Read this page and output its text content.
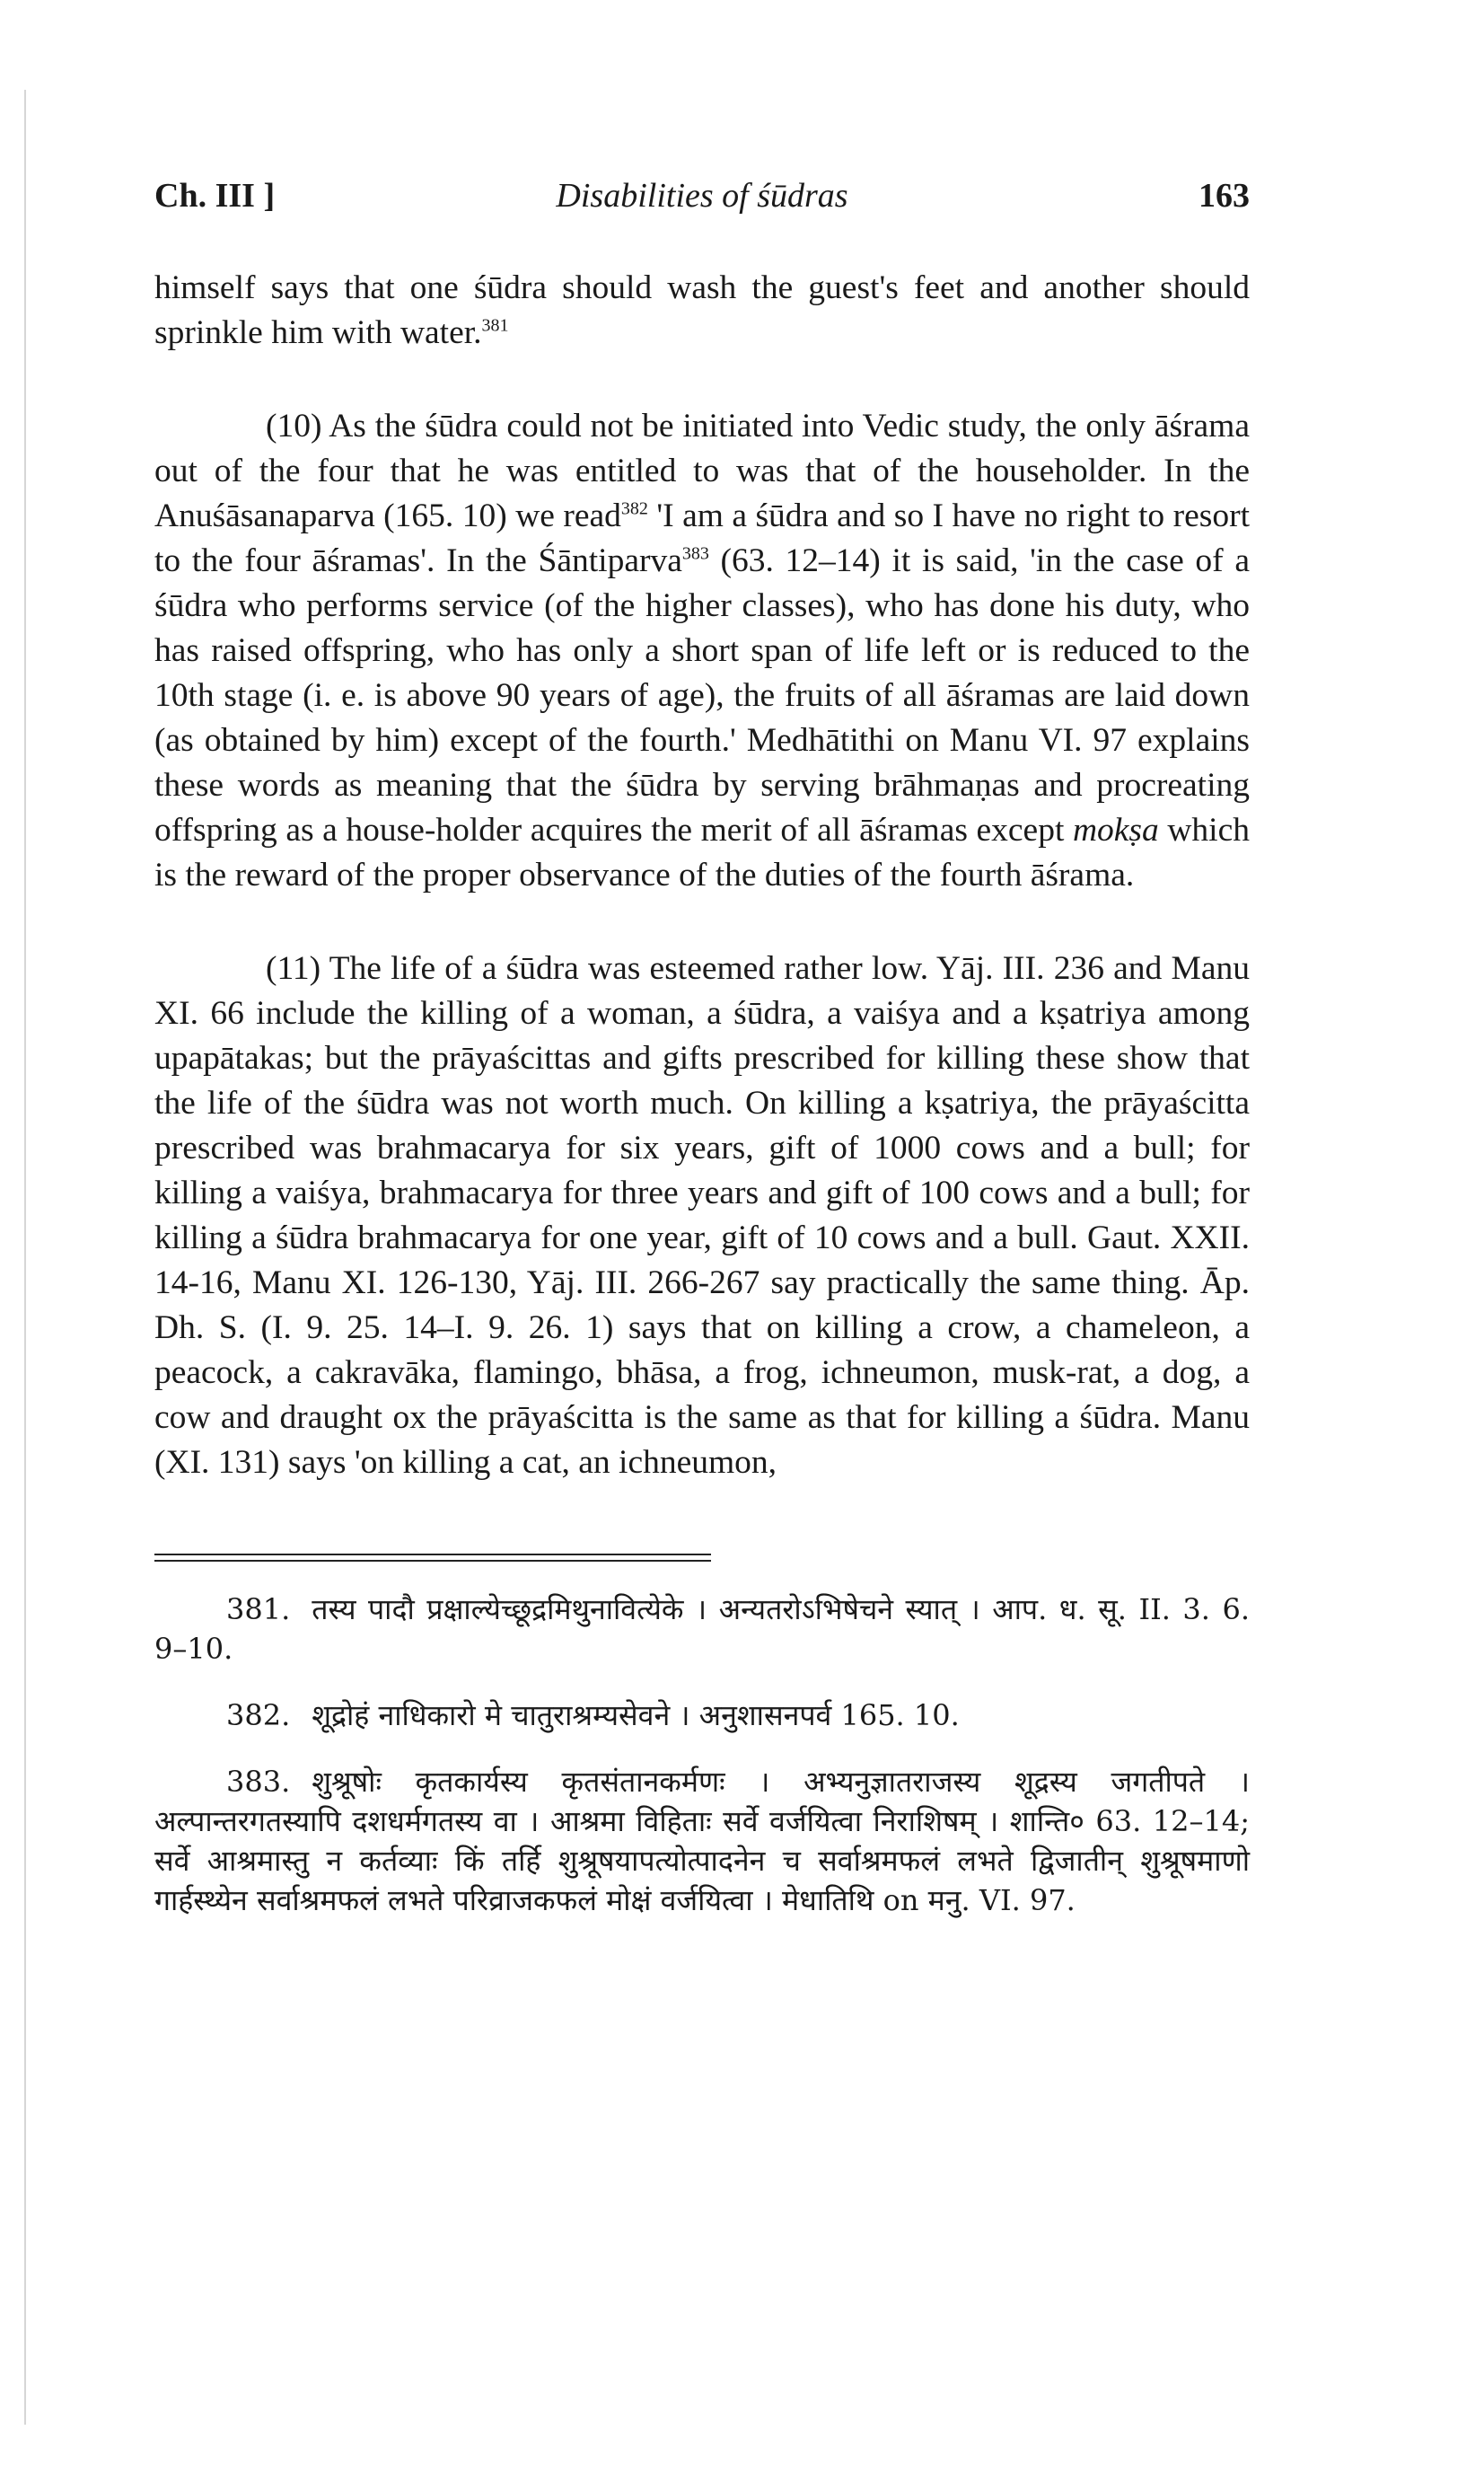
Ch. III ]	Disabilities of śūdras	163

himself says that one śūdra should wash the guest's feet and another should sprinkle him with water.$^{381}$

(10) As the śūdra could not be initiated into Vedic study, the only āśrama out of the four that he was entitled to was that of the householder. In the Anuśāsanaparva (165. 10) we read$^{382}$ 'I am a śūdra and so I have no right to resort to the four āśramas'. In the Śāntiparva$^{383}$ (63. 12–14) it is said, 'in the case of a śūdra who performs service (of the higher classes), who has done his duty, who has raised offspring, who has only a short span of life left or is reduced to the 10th stage (i. e. is above 90 years of age), the fruits of all āśramas are laid down (as obtained by him) except of the fourth.' Medhātithi on Manu VI. 97 explains these words as meaning that the śūdra by serving brāhmaṇas and procreating offspring as a house-holder acquires the merit of all āśramas except mokṣa which is the reward of the proper observance of the duties of the fourth āśrama.

(11) The life of a śūdra was esteemed rather low. Yāj. III. 236 and Manu XI. 66 include the killing of a woman, a śūdra, a vaiśya and a kṣatriya among upapātakas; but the prāyaścittas and gifts prescribed for killing these show that the life of the śūdra was not worth much. On killing a kṣatriya, the prāyaścitta prescribed was brahmacarya for six years, gift of 1000 cows and a bull; for killing a vaiśya, brahmacarya for three years and gift of 100 cows and a bull; for killing a śūdra brahmacarya for one year, gift of 10 cows and a bull. Gaut. XXII. 14-16, Manu XI. 126-130, Yāj. III. 266-267 say practically the same thing. Āp. Dh. S. (I. 9. 25. 14–I. 9. 26. 1) says that on killing a crow, a chameleon, a peacock, a cakravāka, flamingo, bhāsa, a frog, ichneumon, musk-rat, a dog, a cow and draught ox the prāyaścitta is the same as that for killing a śūdra. Manu (XI. 131) says 'on killing a cat, an ichneumon,

381. तस्य पादौ प्रक्षाल्येच्छूद्रमिथुनावित्येके । अन्यतरोऽभिषेचने स्यात् । आप. ध. सू. II. 3. 6. 9–10.

382. शूद्रोहं नाधिकारो मे चातुराश्रम्यसेवने । अनुशासनपर्व 165. 10.

383. शुश्रूषोः कृतकार्यस्य कृतसंतानकर्मणः । अभ्यनुज्ञातराजस्य शूद्रस्य जगतीपते । अल्पान्तरगतस्यापि दशधर्मगतस्य वा । आश्रमा विहिताः सर्वे वर्जयित्वा निराशिषम् । शान्ति० 63. 12–14; सर्वे आश्रमास्तु न कर्तव्याः किं तर्हि शुश्रूषयापत्योत्पादनेन च सर्वाश्रमफलं लभते द्विजातीन् शुश्रूषमाणो गार्हस्थ्येन सर्वाश्रमफलं लभते परिव्राजकफलं मोक्षं वर्जयित्वा । मेधातिथि on मनु. VI. 97.
